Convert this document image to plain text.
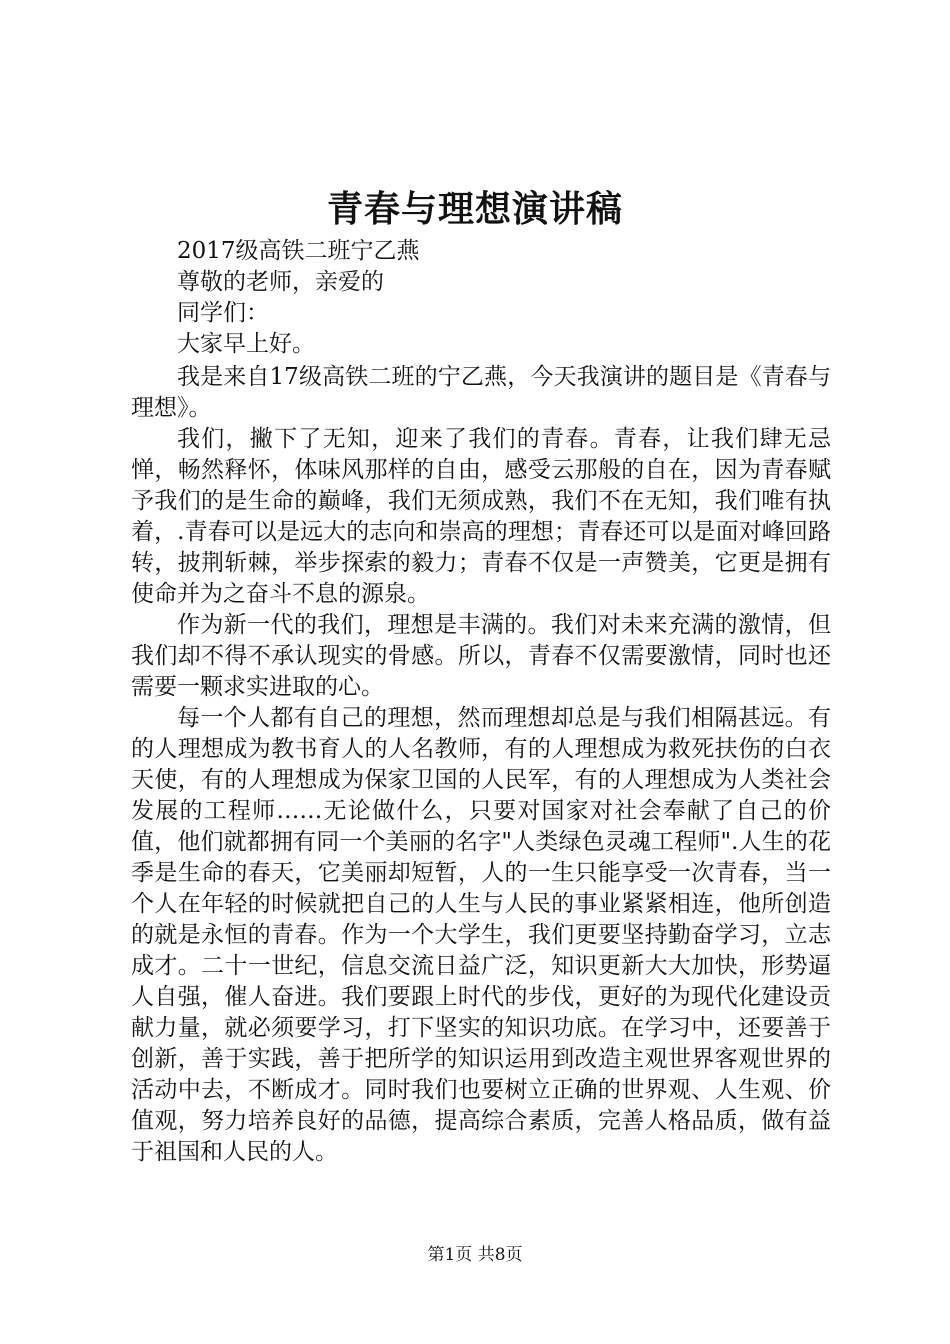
青春与理想演讲稿

2017级高铁二班宁乙燕

尊敬的老师，亲爱的

同学们：

大家早上好。

我是来自17级高铁二班的宁乙燕，今天我演讲的题目是《青春与理想》。

我们，撇下了无知，迎来了我们的青春。青春，让我们肆无忌惮，畅然释怀，体味风那样的自由，感受云那般的自在，因为青春赋予我们的是生命的巅峰，我们无须成熟，我们不在无知，我们唯有执着，.青春可以是远大的志向和崇高的理想；青春还可以是面对峰回路转，披荆斩棘，举步探索的毅力；青春不仅是一声赞美，它更是拥有使命并为之奋斗不息的源泉。

作为新一代的我们，理想是丰满的。我们对未来充满的激情，但我们却不得不承认现实的骨感。所以，青春不仅需要激情，同时也还需要一颗求实进取的心。

每一个人都有自己的理想，然而理想却总是与我们相隔甚远。有的人理想成为教书育人的人名教师，有的人理想成为救死扶伤的白衣天使，有的人理想成为保家卫国的人民军，有的人理想成为人类社会发展的工程师……无论做什么，只要对国家对社会奉献了自己的价值，他们就都拥有同一个美丽的名字"人类绿色灵魂工程师".人生的花季是生命的春天，它美丽却短暂，人的一生只能享受一次青春，当一个人在年轻的时候就把自己的人生与人民的事业紧紧相连，他所创造的就是永恒的青春。作为一个大学生，我们更要坚持勤奋学习，立志成才。二十一世纪，信息交流日益广泛，知识更新大大加快，形势逼人自强，催人奋进。我们要跟上时代的步伐，更好的为现代化建设贡献力量，就必须要学习，打下坚实的知识功底。在学习中，还要善于创新，善于实践，善于把所学的知识运用到改造主观世界客观世界的活动中去，不断成才。同时我们也要树立正确的世界观、人生观、价值观，努力培养良好的品德，提高综合素质，完善人格品质，做有益于祖国和人民的人。

第1页 共8页
